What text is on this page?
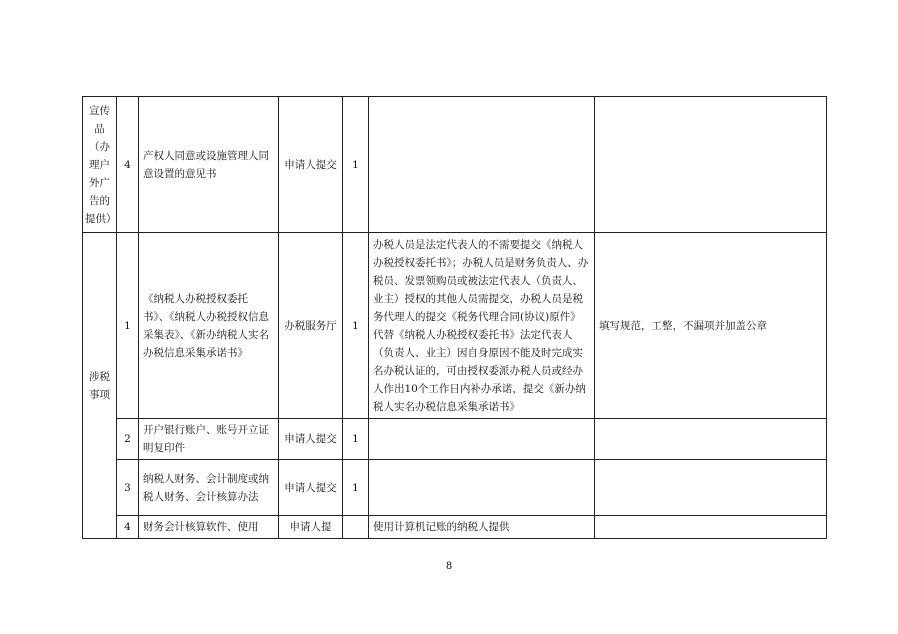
宣传品（办理户外广告的提供）	4	产权人同意或设施管理人同意设置的意见书	申请人提交	1		
涉税事项	1	《纳税人办税授权委托书》、《纳税人办税授权信息采集表》、《新办纳税人实名办税信息采集承诺书》	办税服务厅	1	办税人员是法定代表人的不需要提交《纳税人办税授权委托书》；办税人员是财务负责人、办税员、发票领购员或被法定代表人（负责人、业主）授权的其他人员需提交，办税人员是税务代理人的提交《税务代理合同(协议)原件》代替《纳税人办税授权委托书》法定代表人（负责人、业主）因自身原因不能及时完成实名办税认证的，可由授权委派办税人员或经办人作出10个工作日内补办承诺，提交《新办纳税人实名办税信息采集承诺书》	填写规范，工整，不漏项并加盖公章
	2	开户银行账户、账号开立证明复印件	申请人提交	1		
	3	纳税人财务、会计制度或纳税人财务、会计核算办法	申请人提交	1		
	4	财务会计核算软件、使用	申请人提		使用计算机记账的纳税人提供	
8
